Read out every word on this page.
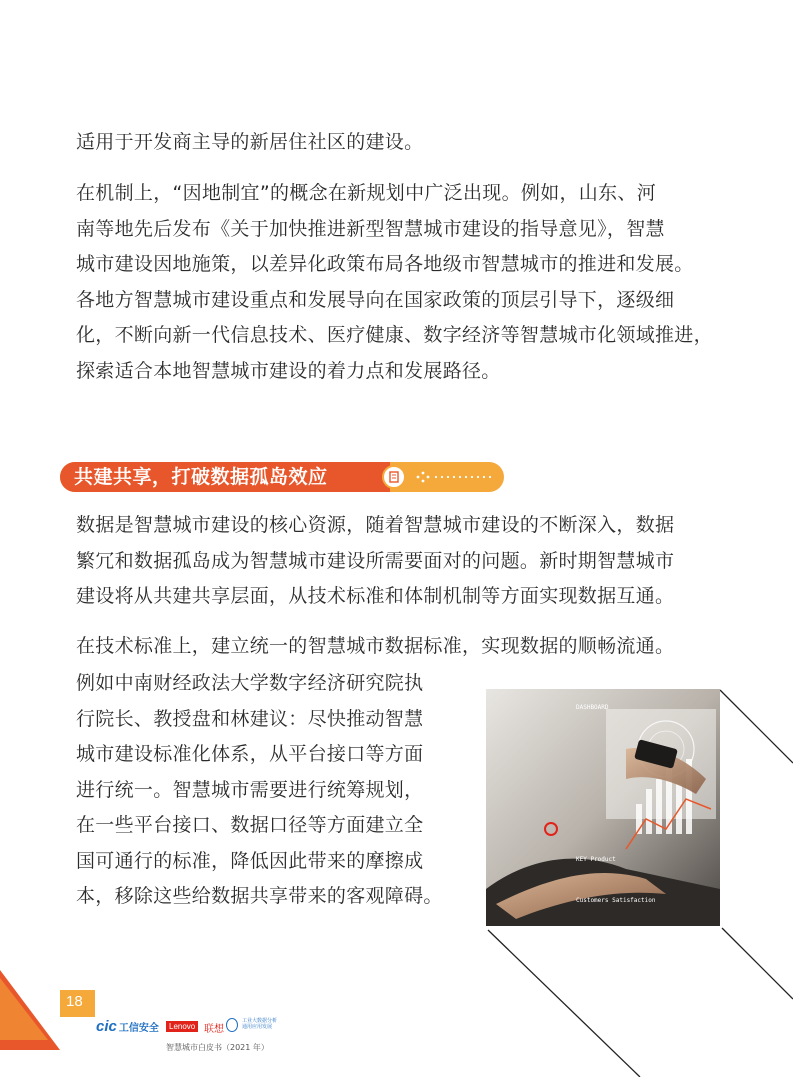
适用于开发商主导的新居住社区的建设。
在机制上，“因地制宜”的概念在新规划中广泛出现。例如，山东、河
南等地先后发布《关于加快推进新型智慧城市建设的指导意见》，智慧
城市建设因地施策，以差异化政策布局各地级市智慧城市的推进和发展。
各地方智慧城市建设重点和发展导向在国家政策的顶层引导下，逐级细
化，不断向新一代信息技术、医疗健康、数字经济等智慧城市化领域推进，
探索适合本地智慧城市建设的着力点和发展路径。
共建共享，打破数据孤岛效应
数据是智慧城市建设的核心资源，随着智慧城市建设的不断深入，数据
繁冗和数据孤岛成为智慧城市建设所需要面对的问题。新时期智慧城市
建设将从共建共享层面，从技术标准和体制机制等方面实现数据互通。
在技术标准上，建立统一的智慧城市数据标准，实现数据的顺畅流通。
例如中南财经政法大学数字经济研究院执
行院长、教授盘和林建议：尽快推动智慧
城市建设标准化体系，从平台接口等方面
进行统一。智慧城市需要进行统筹规划，
在一些平台接口、数据口径等方面建立全
国可通行的标准，降低因此带来的摩擦成
本，移除这些给数据共享带来的客观障碍。
DASHBOARD
KEY Product
Customers Satisfaction
18
cic 工信安全	Lenovo 联想
工业大数据分析 通用应用发展
智慧城市白皮书（2021 年）
